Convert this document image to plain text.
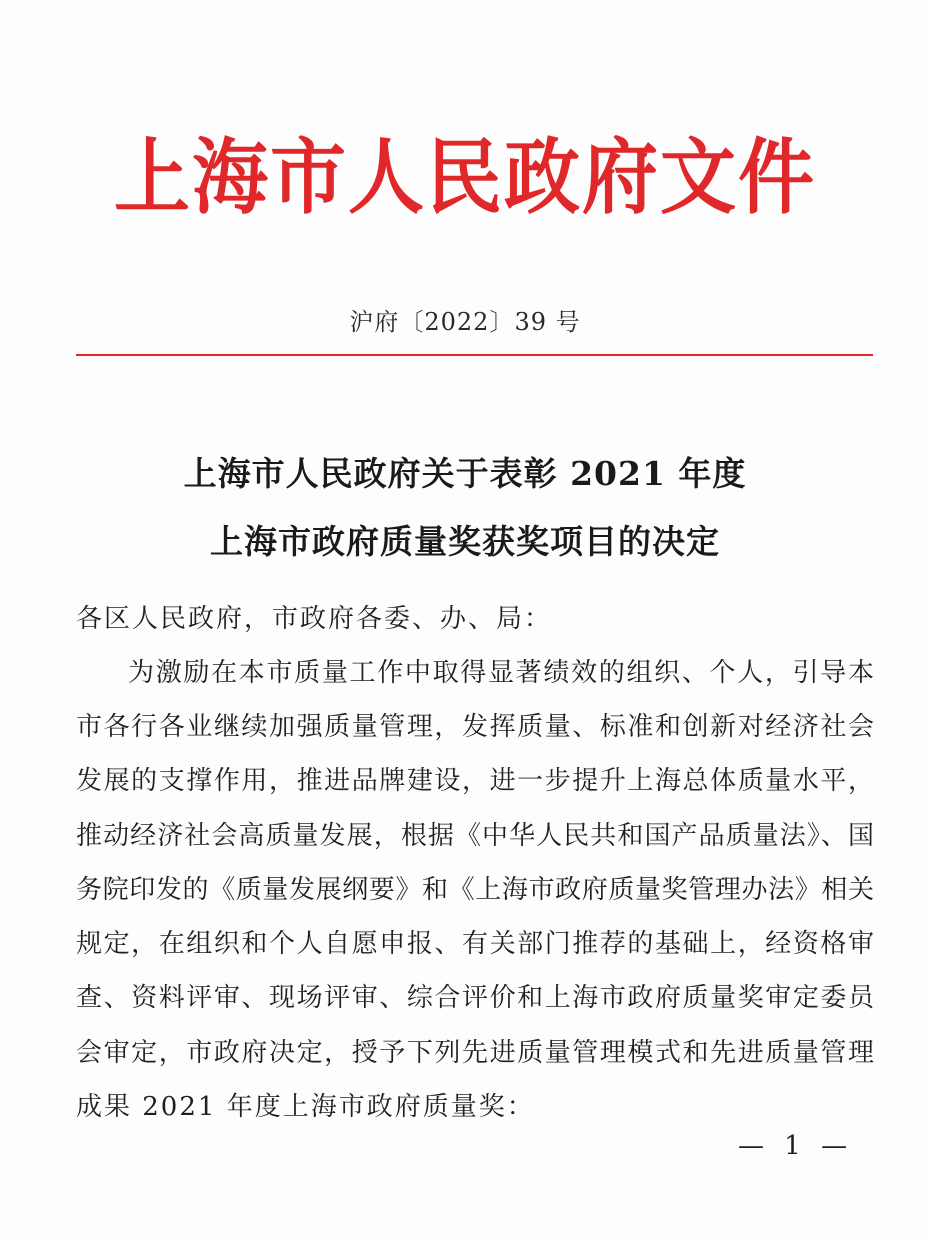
上海市人民政府文件
沪府〔2022〕39 号
上海市人民政府关于表彰 2021 年度
上海市政府质量奖获奖项目的决定
各区人民政府，市政府各委、办、局：
为激励在本市质量工作中取得显著绩效的组织、个人，引导本
市各行各业继续加强质量管理，发挥质量、标准和创新对经济社会
发展的支撑作用，推进品牌建设，进一步提升上海总体质量水平，
推动经济社会高质量发展，根据《中华人民共和国产品质量法》、国
务院印发的《质量发展纲要》和《上海市政府质量奖管理办法》相关
规定，在组织和个人自愿申报、有关部门推荐的基础上，经资格审
查、资料评审、现场评审、综合评价和上海市政府质量奖审定委员
会审定，市政府决定，授予下列先进质量管理模式和先进质量管理
成果 2021 年度上海市政府质量奖：
— 1 —
